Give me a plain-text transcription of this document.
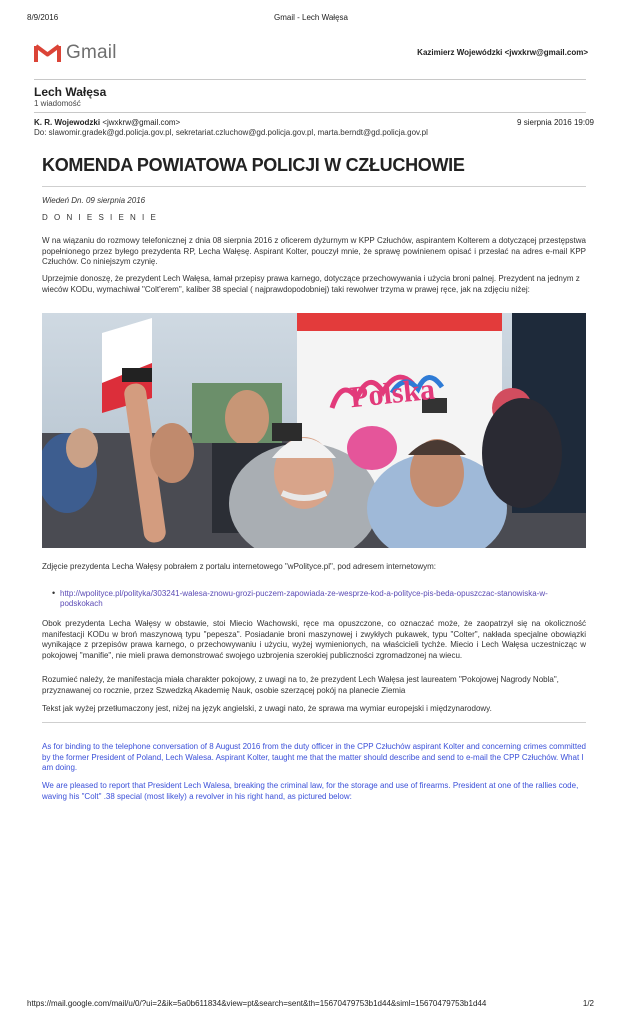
8/9/2016	Gmail - Lech Wałęsa
Gmail	Kazimierz Wojewódzki <jwxkrw@gmail.com>
Lech Wałęsa
1 wiadomość
K. R. Wojewodzki <jwxkrw@gmail.com>	9 sierpnia 2016 19:09
Do: slawomir.gradek@gd.policja.gov.pl, sekretariat.czluchow@gd.policja.gov.pl, marta.berndt@gd.policja.gov.pl
KOMENDA POWIATOWA POLICJI W CZŁUCHOWIE
Wiedeń Dn. 09 sierpnia 2016
D O N I E S I E N I E
W na wiązaniu do rozmowy telefonicznej z dnia 08 sierpnia 2016 z oficerem dyżurnym w KPP Człuchów, aspirantem Kolterem a dotyczącej przestępstwa popełnionego przez byłego prezydenta RP, Lecha Wałęsę. Aspirant Kolter, pouczył mnie, że sprawę powinienem opisać i przesłać na adres e-mail KPP Człuchów. Co niniejszym czynię.
Uprzejmie donoszę, że prezydent Lech Wałęsa, łamał przepisy prawa karnego, dotyczące przechowywania i użycia broni palnej. Prezydent na jednym z wieców KODu, wymachiwał "Colt'erem", kaliber 38 special ( najprawdopodobniej) taki rewolwer trzyma w prawej ręce, jak na zdjęciu niżej:
Polska
Zdjęcie prezydenta Lecha Wałęsy pobrałem z portalu internetowego "wPolityce.pl", pod adresem internetowym:
• http://wpolityce.pl/polityka/303241-walesa-znowu-grozi-puczem-zapowiada-ze-wesprze-kod-a-polityce-pis-beda-opuszczac-stanowiska-w-podskokach
Obok prezydenta Lecha Wałęsy w obstawie, stoi Miecio Wachowski, ręce ma opuszczone, co oznaczać może, że zaopatrzył się na okoliczność manifestacji KODu w broń maszynową typu "pepesza". Posiadanie broni maszynowej i zwykłych pukawek, typu "Colter", nakłada specjalne obowiązki wynikające z przepisów prawa karnego, o przechowywaniu i użyciu, wyżej wymienionych, na właścicieli tychże. Miecio i Lech Wałęsa uczestnicząc w pokojowej "manifie", nie mieli prawa demonstrować swojego uzbrojenia szerokiej publiczności zgromadzonej na wiecu.
Rozumieć należy, że manifestacja miała charakter pokojowy, z uwagi na to, że prezydent Lech Wałęsa jest laureatem "Pokojowej Nagrody Nobla", przyznawanej co rocznie, przez Szwedzką Akademię Nauk, osobie szerzącej pokój na planecie Ziemia
Tekst jak wyżej przetłumaczony jest, niżej na język angielski, z uwagi nato, że sprawa ma wymiar europejski i międzynarodowy.
As for binding to the telephone conversation of 8 August 2016 from the duty officer in the CPP Człuchów aspirant Kolter and concerning crimes committed by the former President of Poland, Lech Walesa. Aspirant Kolter, taught me that the matter should describe and send to e-mail the CPP Człuchów. What I am doing.
We are pleased to report that President Lech Walesa, breaking the criminal law, for the storage and use of firearms. President at one of the rallies code, waving his "Colt" .38 special (most likely) a revolver in his right hand, as pictured below:
https://mail.google.com/mail/u/0/?ui=2&ik=5a0b611834&view=pt&search=sent&th=15670479753b1d44&siml=15670479753b1d44	1/2
